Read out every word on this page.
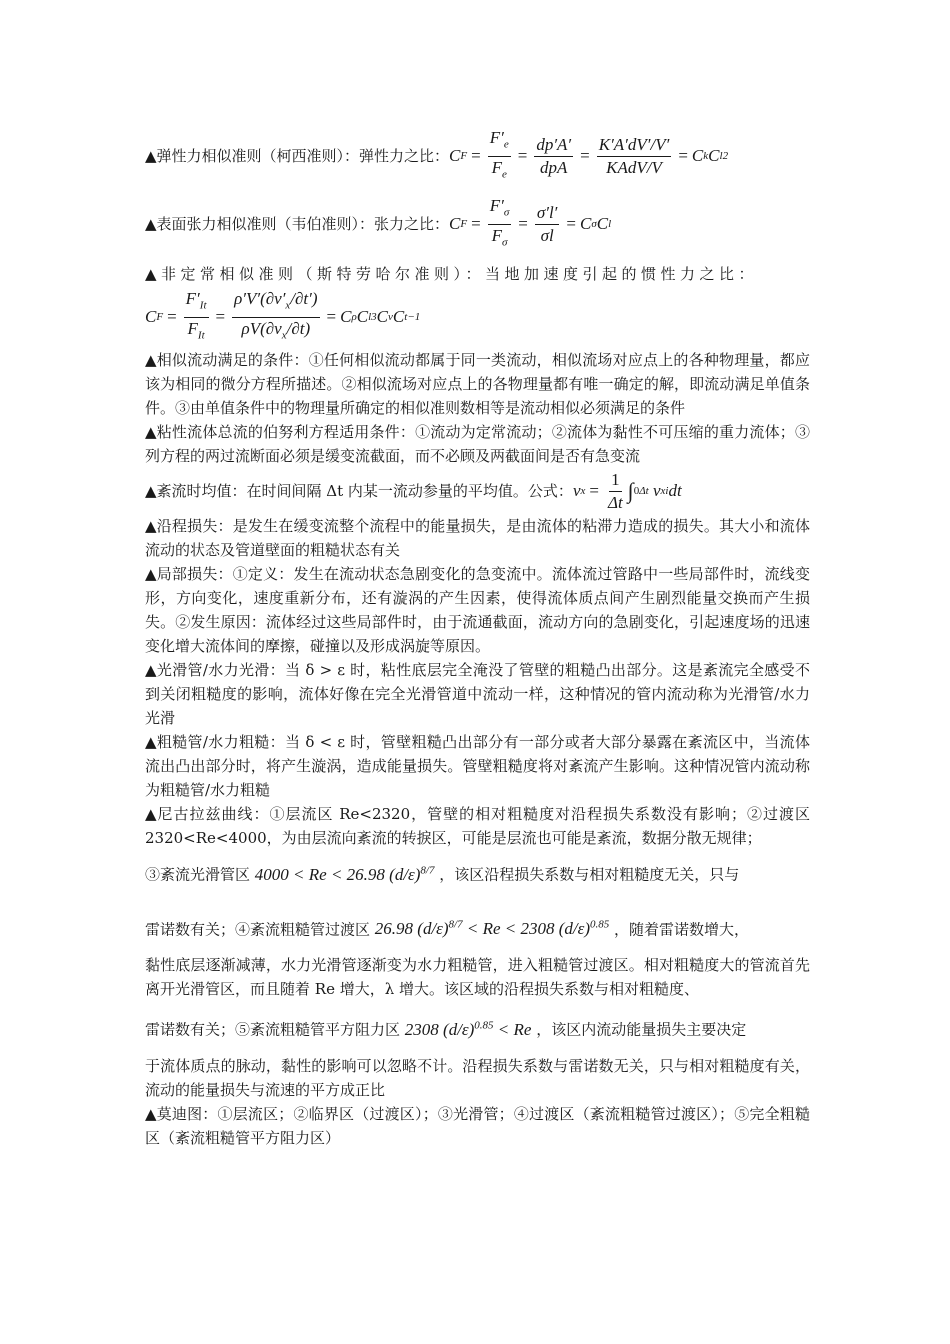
▲弹性力相似准则（柯西准则）：弹性力之比： C $F = \frac{F'_e}{F_e} = \frac{dp'A'}{\text{dpA}} = \frac{K'A'dV'/V'}{\text{KAdV/V}} = C$ k C l 2
▲表面张力相似准则（韦伯准则）：张力之比： C $F = \frac{F'_\sigma}{F_\sigma} = \frac{\sigma'l'}{\sigma l} = C$ σ C l

▲非定常相似准则（斯特劳哈尔准则）：当地加速度引起的惯性力之比：

C $F = \frac{F'_{It}}{F_{It}} = \frac{\rho'V'(\partial v'_x/\partial t')}{\rho V(\partial v_x/\partial t)} = C$ ρ C l 3 C v C t −1

▲相似流动满足的条件：①任何相似流动都属于同一类流动，相似流场对应点上的各种物理量，都应该为相同的微分方程所描述。②相似流场对应点上的各物理量都有唯一确定的解，即流动满足单值条件。③由单值条件中的物理量所确定的相似准则数相等是流动相似必须满足的条件

▲粘性流体总流的伯努利方程适用条件：①流动为定常流动；②流体为黏性不可压缩的重力流体；③列方程的两过流断面必须是缓变流截面，而不必顾及两截面间是否有急变流

▲紊流时均值：在时间间隔 Δt 内某一流动参量的平均值。公式： v $x = \frac{1}{\Delta t}$ ∫ 0 Δt v xi dt

▲沿程损失：是发生在缓变流整个流程中的能量损失，是由流体的粘滞力造成的损失。其大小和流体流动的状态及管道壁面的粗糙状态有关

▲局部损失：①定义：发生在流动状态急剧变化的急变流中。流体流过管路中一些局部件时，流线变形，方向变化，速度重新分布，还有漩涡的产生因素，使得流体质点间产生剧烈能量交换而产生损失。②发生原因：流体经过这些局部件时，由于流通截面，流动方向的急剧变化，引起速度场的迅速变化增大流体间的摩擦，碰撞以及形成涡旋等原因。

▲光滑管/水力光滑：当 δ > ε 时，粘性底层完全淹没了管壁的粗糙凸出部分。这是紊流完全感受不到关闭粗糙度的影响，流体好像在完全光滑管道中流动一样，这种情况的管内流动称为光滑管/水力光滑

▲粗糙管/水力粗糙：当 δ < ε 时，管壁粗糙凸出部分有一部分或者大部分暴露在紊流区中，当流体流出凸出部分时，将产生漩涡，造成能量损失。管壁粗糙度将对紊流产生影响。这种情况管内流动称为粗糙管/水力粗糙

▲尼古拉兹曲线：①层流区 Re<2320，管壁的相对粗糙度对沿程损失系数没有影响；②过渡区 2320<Re<4000，为由层流向紊流的转捩区，可能是层流也可能是紊流，数据分散无规律；

③紊流光滑管区 4000 < Re < 26.98 $(d/\varepsilon)^{8/7}$ ，该区沿程损失系数与相对粗糙度无关，只与
雷诺数有关；④紊流粗糙管过渡区 26.98 $(d/\varepsilon)^{8/7} < Re < 2308$ $(d/\varepsilon)^{0.85}$ ，随着雷诺数增大，

黏性底层逐渐减薄，水力光滑管逐渐变为水力粗糙管，进入粗糙管过渡区。相对粗糙度大的管流首先离开光滑管区，而且随着 Re 增大，λ 增大。该区域的沿程损失系数与相对粗糙度、

雷诺数有关；⑤紊流粗糙管平方阻力区 2308 $(d/\varepsilon)^{0.85} < Re$ ，该区内流动能量损失主要决定

于流体质点的脉动，黏性的影响可以忽略不计。沿程损失系数与雷诺数无关，只与相对粗糙度有关，流动的能量损失与流速的平方成正比

▲莫迪图：①层流区；②临界区（过渡区）；③光滑管；④过渡区（紊流粗糙管过渡区）；⑤完全粗糙区（紊流粗糙管平方阻力区）
